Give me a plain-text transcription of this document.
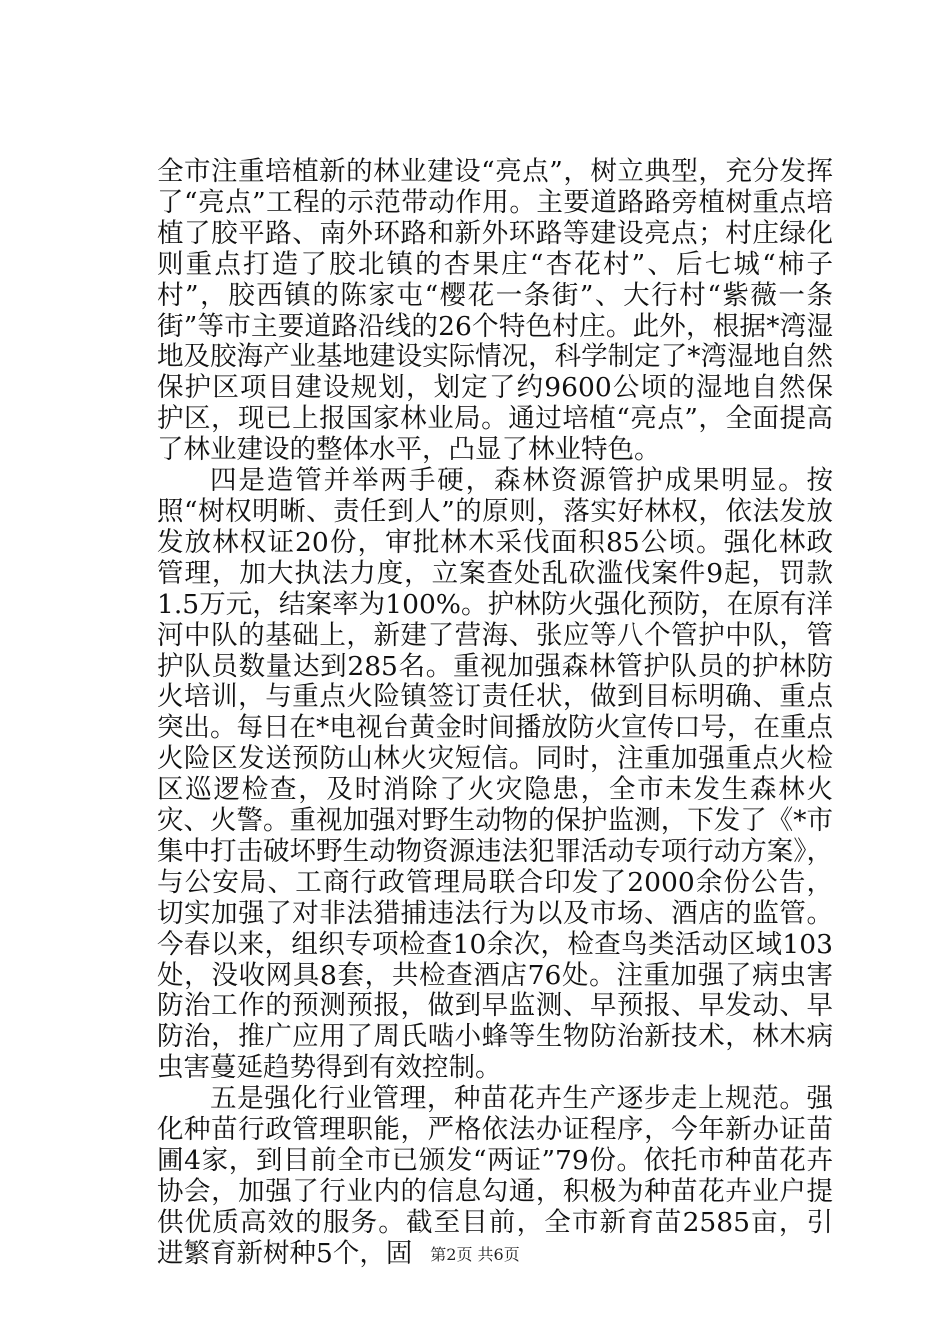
全市注重培植新的林业建设“亮点”，树立典型，充分发挥了“亮点”工程的示范带动作用。主要道路路旁植树重点培植了胶平路、南外环路和新外环路等建设亮点；村庄绿化则重点打造了胶北镇的杏果庄“杏花村”、后七城“柿子村”，胶西镇的陈家屯“樱花一条街”、大行村“紫薇一条街”等市主要道路沿线的26个特色村庄。此外，根据*湾湿地及胶海产业基地建设实际情况，科学制定了*湾湿地自然保护区项目建设规划，划定了约9600公顷的湿地自然保护区，现已上报国家林业局。通过培植“亮点”，全面提高了林业建设的整体水平，凸显了林业特色。

四是造管并举两手硬，森林资源管护成果明显。按照“树权明晰、责任到人”的原则，落实好林权，依法发放发放林权证20份，审批林木采伐面积85公顷。强化林政管理，加大执法力度，立案查处乱砍滥伐案件9起，罚款1.5万元，结案率为100%。护林防火强化预防，在原有洋河中队的基础上，新建了营海、张应等八个管护中队，管护队员数量达到285名。重视加强森林管护队员的护林防火培训，与重点火险镇签订责任状，做到目标明确、重点突出。每日在*电视台黄金时间播放防火宣传口号，在重点火险区发送预防山林火灾短信。同时，注重加强重点火检区巡逻检查，及时消除了火灾隐患，全市未发生森林火灾、火警。重视加强对野生动物的保护监测，下发了《*市集中打击破坏野生动物资源违法犯罪活动专项行动方案》，与公安局、工商行政管理局联合印发了2000余份公告，切实加强了对非法猎捕违法行为以及市场、酒店的监管。今春以来，组织专项检查10余次，检查鸟类活动区域103处，没收网具8套，共检查酒店76处。注重加强了病虫害防治工作的预测预报，做到早监测、早预报、早发动、早防治，推广应用了周氏啮小蜂等生物防治新技术，林木病虫害蔓延趋势得到有效控制。

五是强化行业管理，种苗花卉生产逐步走上规范。强化种苗行政管理职能，严格依法办证程序，今年新办证苗圃4家，到目前全市已颁发“两证”79份。依托市种苗花卉协会，加强了行业内的信息勾通，积极为种苗花卉业户提供优质高效的服务。截至目前，全市新育苗2585亩，引进繁育新树种5个，固	第2页 共6页
